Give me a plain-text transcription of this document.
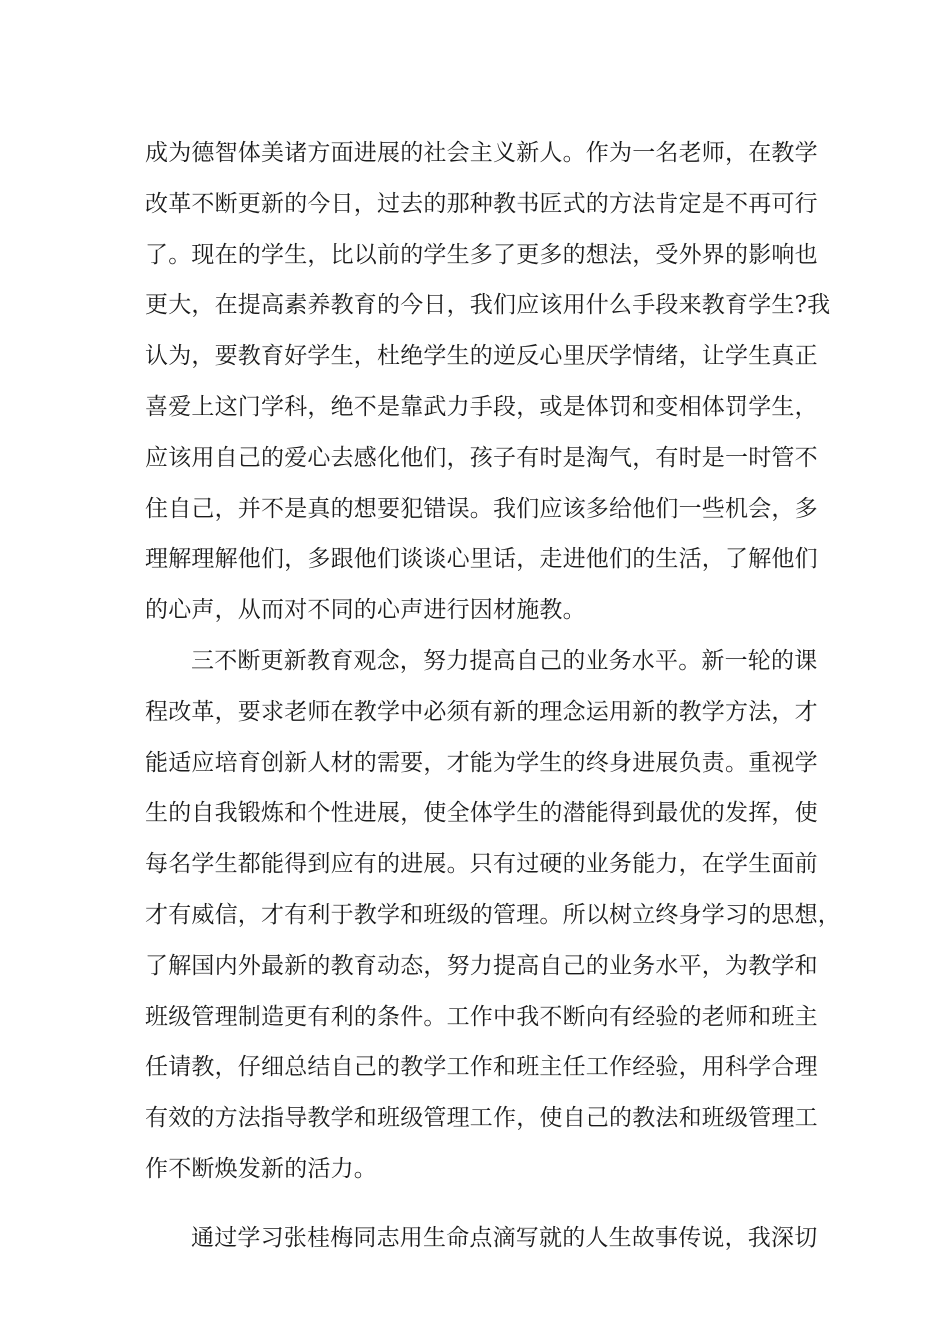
成为德智体美诸方面进展的社会主义新人。作为一名老师，在教学
改革不断更新的今日，过去的那种教书匠式的方法肯定是不再可行
了。现在的学生，比以前的学生多了更多的想法，受外界的影响也
更大，在提高素养教育的今日，我们应该用什么手段来教育学生?我
认为，要教育好学生，杜绝学生的逆反心里厌学情绪，让学生真正
喜爱上这门学科，绝不是靠武力手段，或是体罚和变相体罚学生，
应该用自己的爱心去感化他们，孩子有时是淘气，有时是一时管不
住自己，并不是真的想要犯错误。我们应该多给他们一些机会，多
理解理解他们，多跟他们谈谈心里话，走进他们的生活，了解他们
的心声，从而对不同的心声进行因材施教。
三不断更新教育观念，努力提高自己的业务水平。新一轮的课
程改革，要求老师在教学中必须有新的理念运用新的教学方法，才
能适应培育创新人材的需要，才能为学生的终身进展负责。重视学
生的自我锻炼和个性进展，使全体学生的潜能得到最优的发挥，使
每名学生都能得到应有的进展。只有过硬的业务能力，在学生面前
才有威信，才有利于教学和班级的管理。所以树立终身学习的思想，
了解国内外最新的教育动态，努力提高自己的业务水平，为教学和
班级管理制造更有利的条件。工作中我不断向有经验的老师和班主
任请教，仔细总结自己的教学工作和班主任工作经验，用科学合理
有效的方法指导教学和班级管理工作，使自己的教法和班级管理工
作不断焕发新的活力。
通过学习张桂梅同志用生命点滴写就的人生故事传说，我深切
